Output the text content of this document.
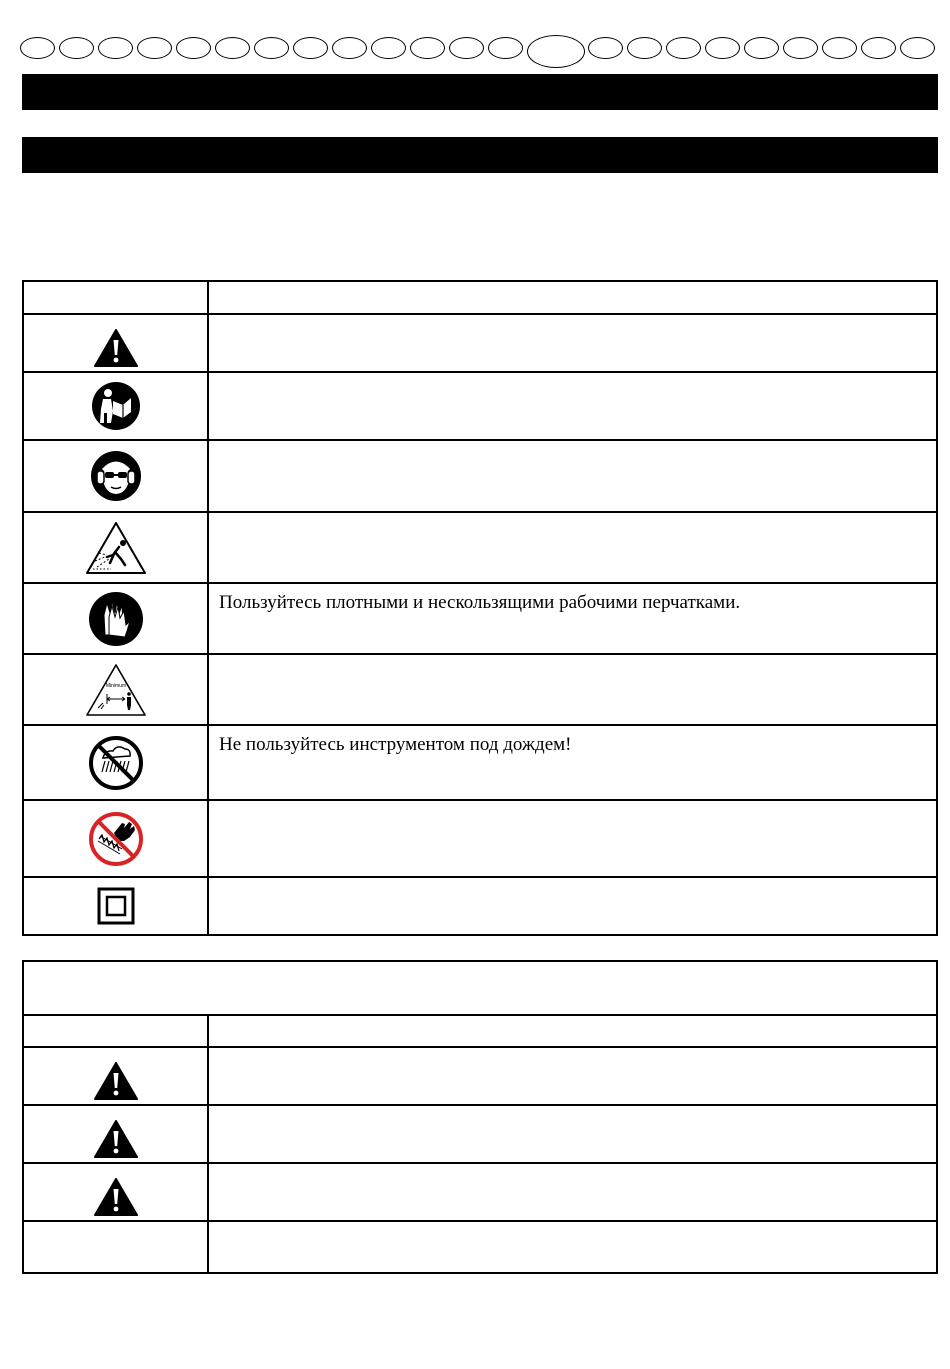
	Пользуйтесь плотными и нескользящими рабочими перчатками.

Minimum	

	Не пользуйтесь инструментом под дождем!
